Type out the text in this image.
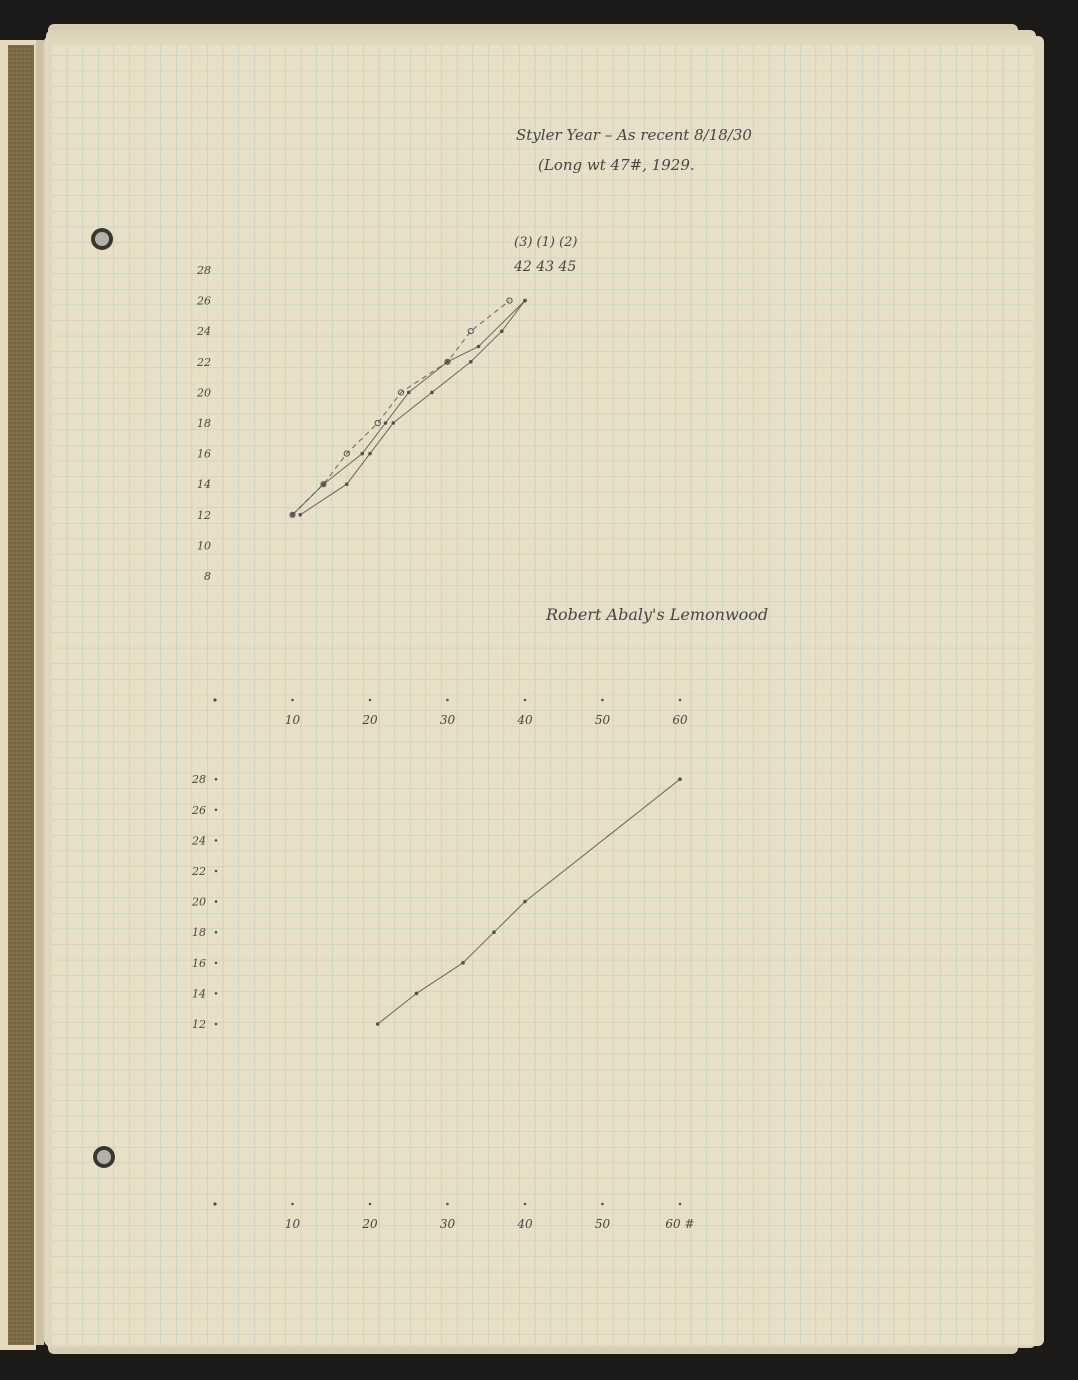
Styler Year – As recent 8/18/30
(Long wt 47#, 1929.
(3) (1) (2)
42 43 45
Robert Abaly's Lemonwood
8
10
12
14
16
18
20
22
24
26
28
10	20	30	40	50	60
12
14
16
18
20
22
24
26
28
10	20	30	40	50	60 #
